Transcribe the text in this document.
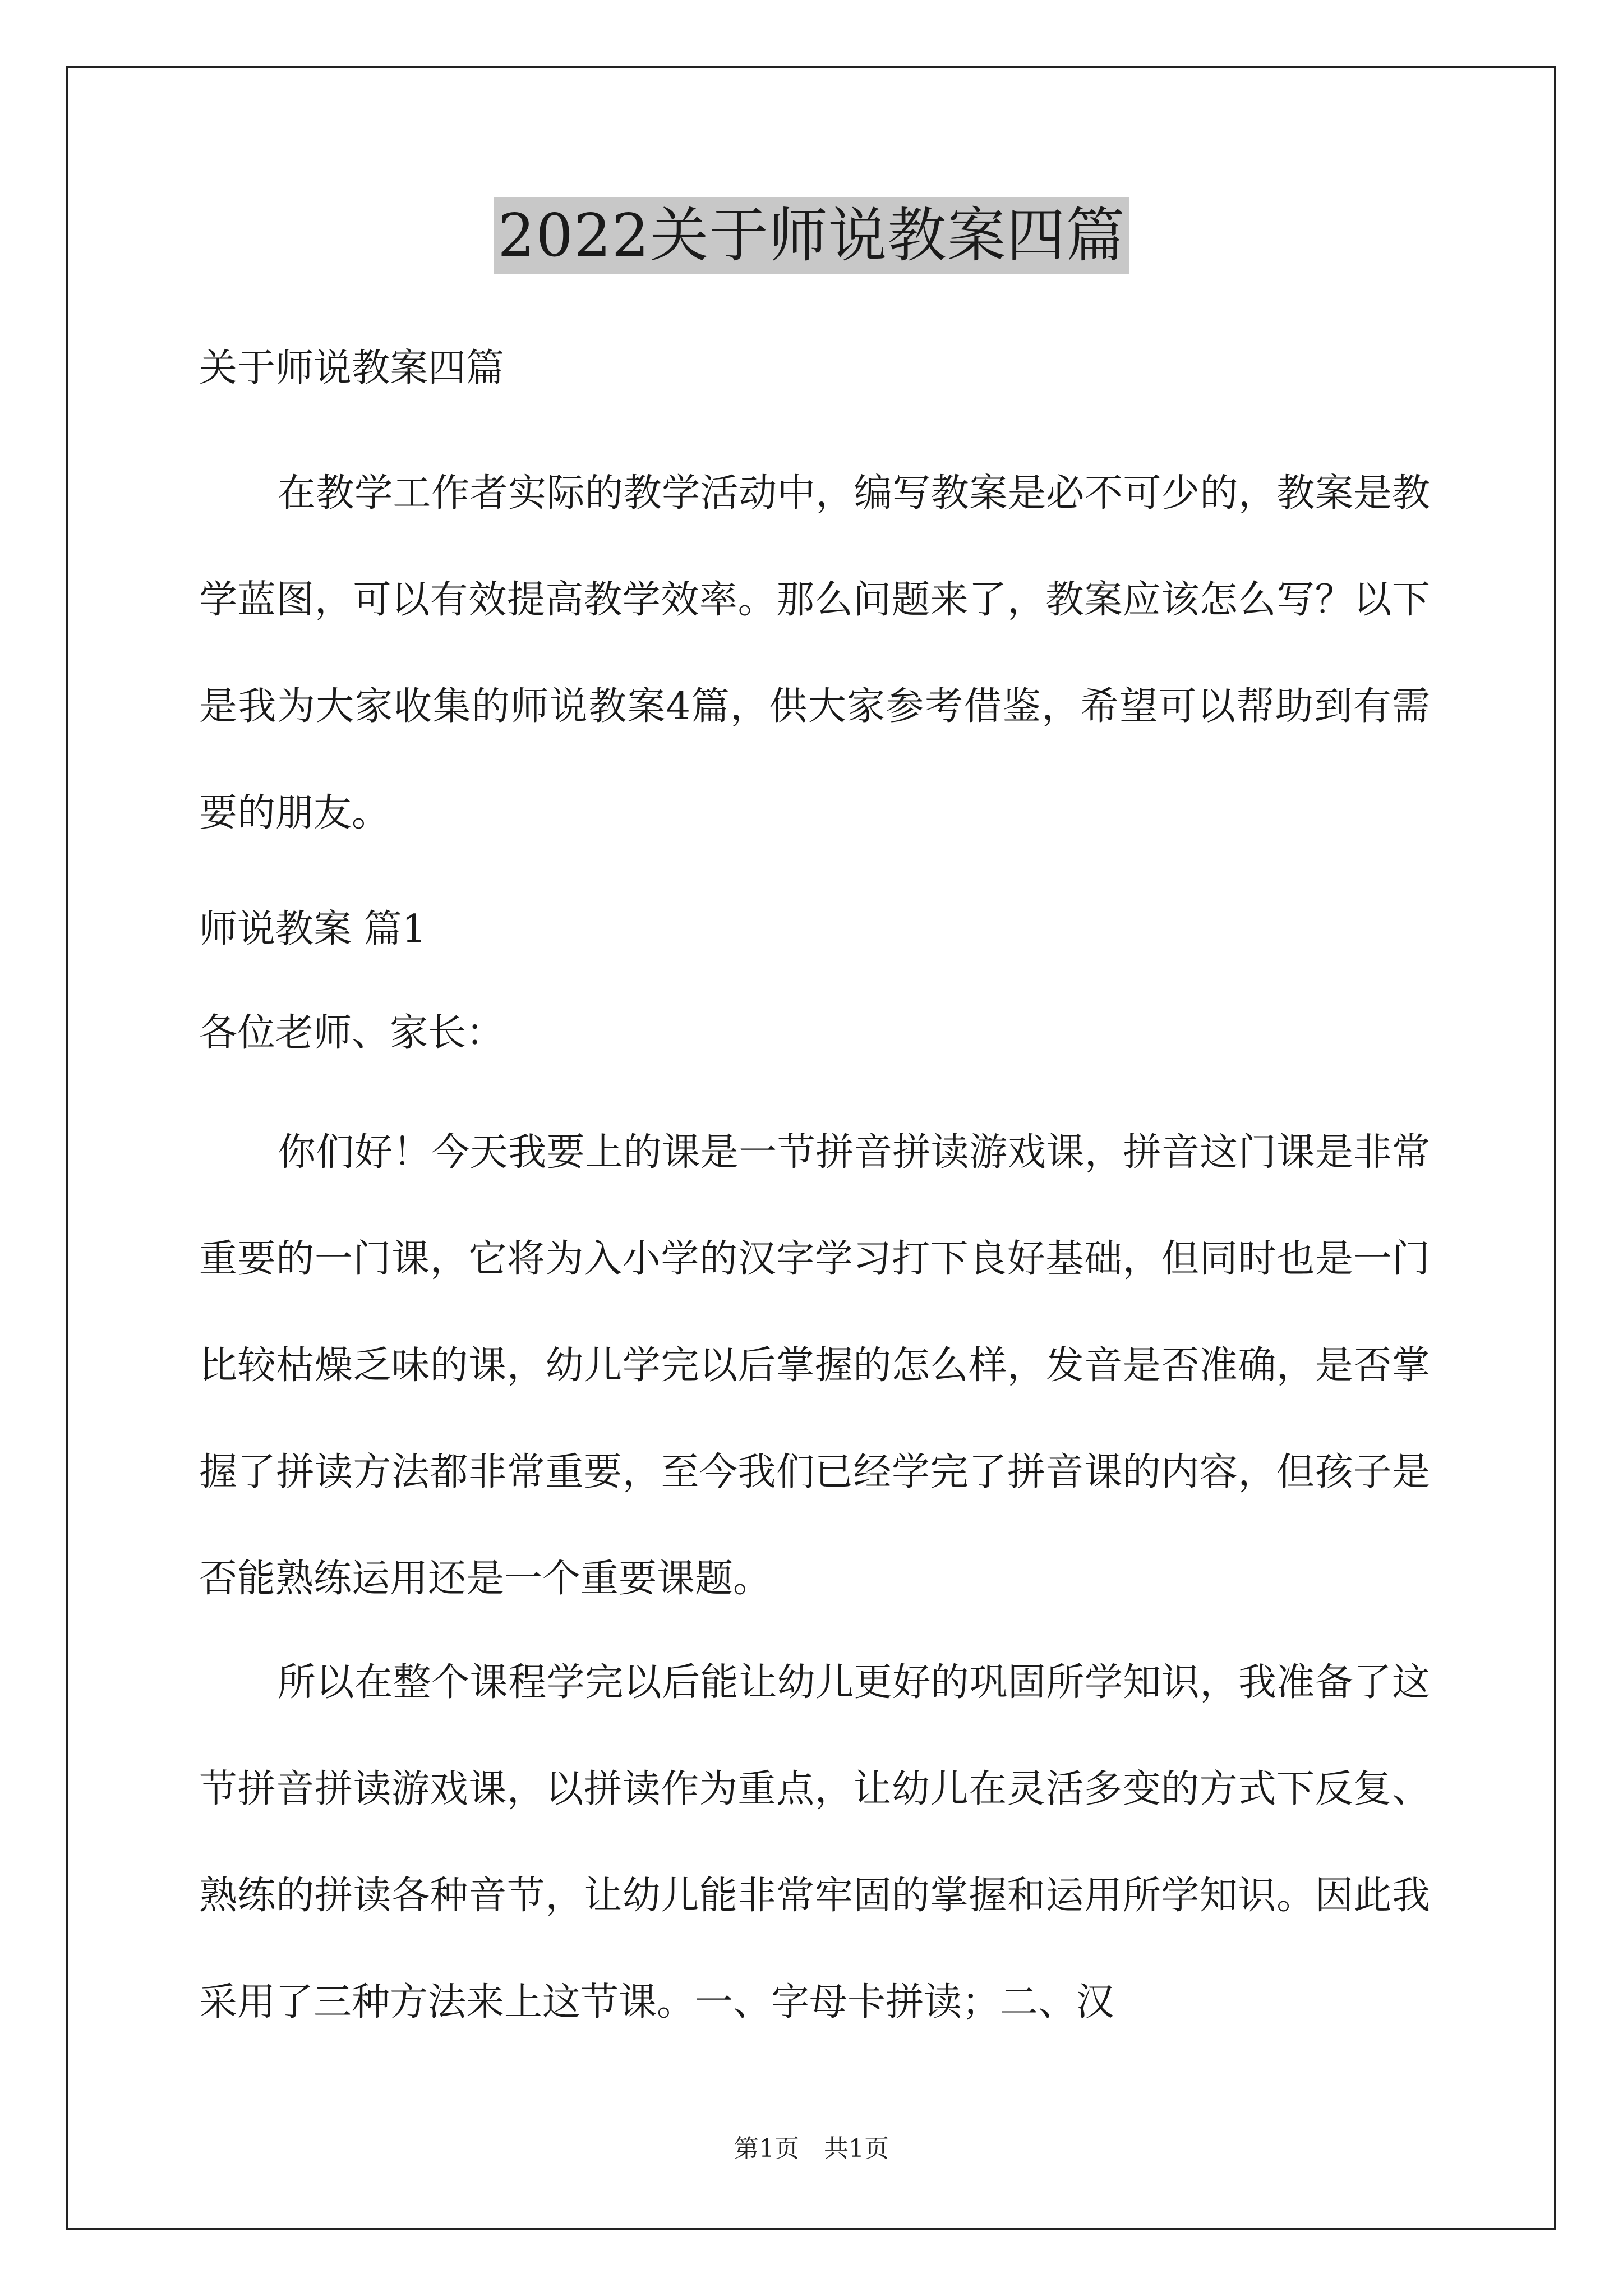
2022关于师说教案四篇

关于师说教案四篇

在教学工作者实际的教学活动中，编写教案是必不可少的，教案是教学蓝图，可以有效提高教学效率。那么问题来了，教案应该怎么写？以下是我为大家收集的师说教案4篇，供大家参考借鉴，希望可以帮助到有需要的朋友。

师说教案 篇1

各位老师、家长：

你们好！今天我要上的课是一节拼音拼读游戏课，拼音这门课是非常重要的一门课，它将为入小学的汉字学习打下良好基础，但同时也是一门比较枯燥乏味的课，幼儿学完以后掌握的怎么样，发音是否准确，是否掌握了拼读方法都非常重要，至今我们已经学完了拼音课的内容，但孩子是否能熟练运用还是一个重要课题。

所以在整个课程学完以后能让幼儿更好的巩固所学知识，我准备了这节拼音拼读游戏课，以拼读作为重点，让幼儿在灵活多变的方式下反复、熟练的拼读各种音节，让幼儿能非常牢固的掌握和运用所学知识。因此我采用了三种方法来上这节课。一、字母卡拼读；二、汉

第1页 共1页
